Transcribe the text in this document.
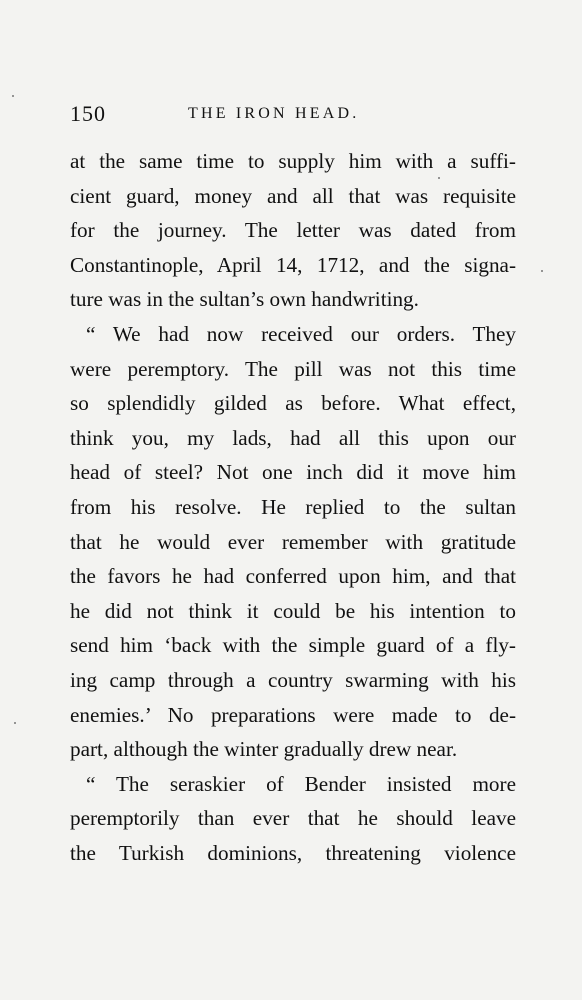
150	THE IRON HEAD.
at the same time to supply him with a suffi-
cient guard, money and all that was requisite
for the journey. The letter was dated from
Constantinople, April 14, 1712, and the signa-
ture was in the sultan’s own handwriting.
“ We had now received our orders. They
were peremptory. The pill was not this time
so splendidly gilded as before. What effect,
think you, my lads, had all this upon our
head of steel? Not one inch did it move him
from his resolve. He replied to the sultan
that he would ever remember with gratitude
the favors he had conferred upon him, and that
he did not think it could be his intention to
send him ‘back with the simple guard of a fly-
ing camp through a country swarming with his
enemies.’ No preparations were made to de-
part, although the winter gradually drew near.
“ The seraskier of Bender insisted more
peremptorily than ever that he should leave
the Turkish dominions, threatening violence
